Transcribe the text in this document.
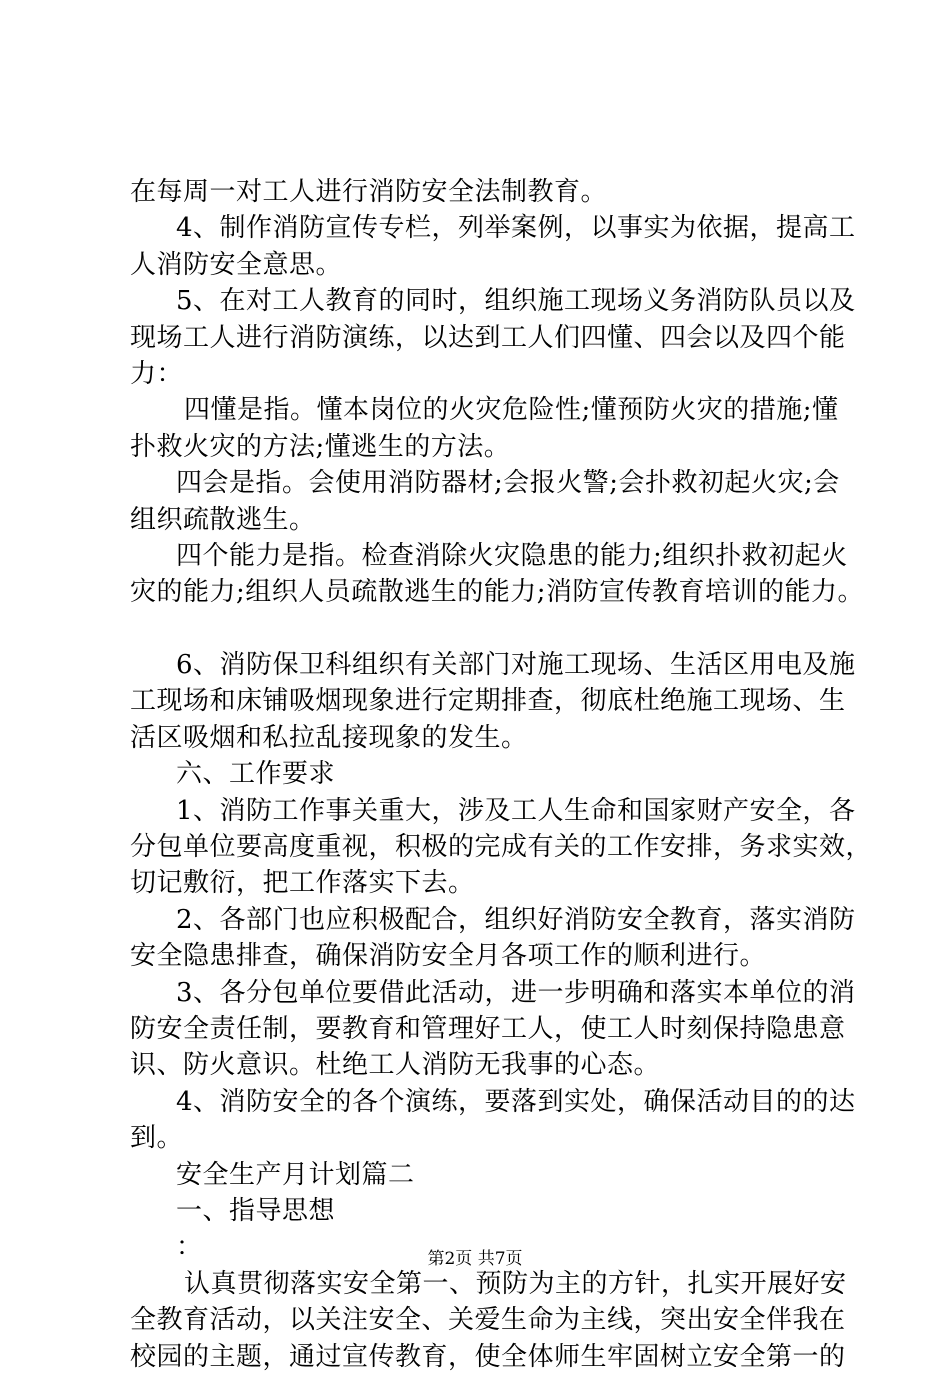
在每周一对工人进行消防安全法制教育。
4、制作消防宣传专栏，列举案例，以事实为依据，提高工
人消防安全意思。
5、在对工人教育的同时，组织施工现场义务消防队员以及
现场工人进行消防演练，以达到工人们四懂、四会以及四个能
力：
四懂是指。懂本岗位的火灾危险性;懂预防火灾的措施;懂
扑救火灾的方法;懂逃生的方法。
四会是指。会使用消防器材;会报火警;会扑救初起火灾;会
组织疏散逃生。
四个能力是指。检查消除火灾隐患的能力;组织扑救初起火
灾的能力;组织人员疏散逃生的能力;消防宣传教育培训的能力。
6、消防保卫科组织有关部门对施工现场、生活区用电及施
工现场和床铺吸烟现象进行定期排查，彻底杜绝施工现场、生
活区吸烟和私拉乱接现象的发生。
六、工作要求
1、消防工作事关重大，涉及工人生命和国家财产安全，各
分包单位要高度重视，积极的完成有关的工作安排，务求实效，
切记敷衍，把工作落实下去。
2、各部门也应积极配合，组织好消防安全教育，落实消防
安全隐患排查，确保消防安全月各项工作的顺利进行。
3、各分包单位要借此活动，进一步明确和落实本单位的消
防安全责任制，要教育和管理好工人，使工人时刻保持隐患意
识、防火意识。杜绝工人消防无我事的心态。
4、消防安全的各个演练，要落到实处，确保活动目的的达
到。
安全生产月计划篇二
一、指导思想
：
认真贯彻落实安全第一、预防为主的方针，扎实开展好安
全教育活动，以关注安全、关爱生命为主线，突出安全伴我在
校园的主题，通过宣传教育，使全体师生牢固树立安全第一的
第2页 共7页
